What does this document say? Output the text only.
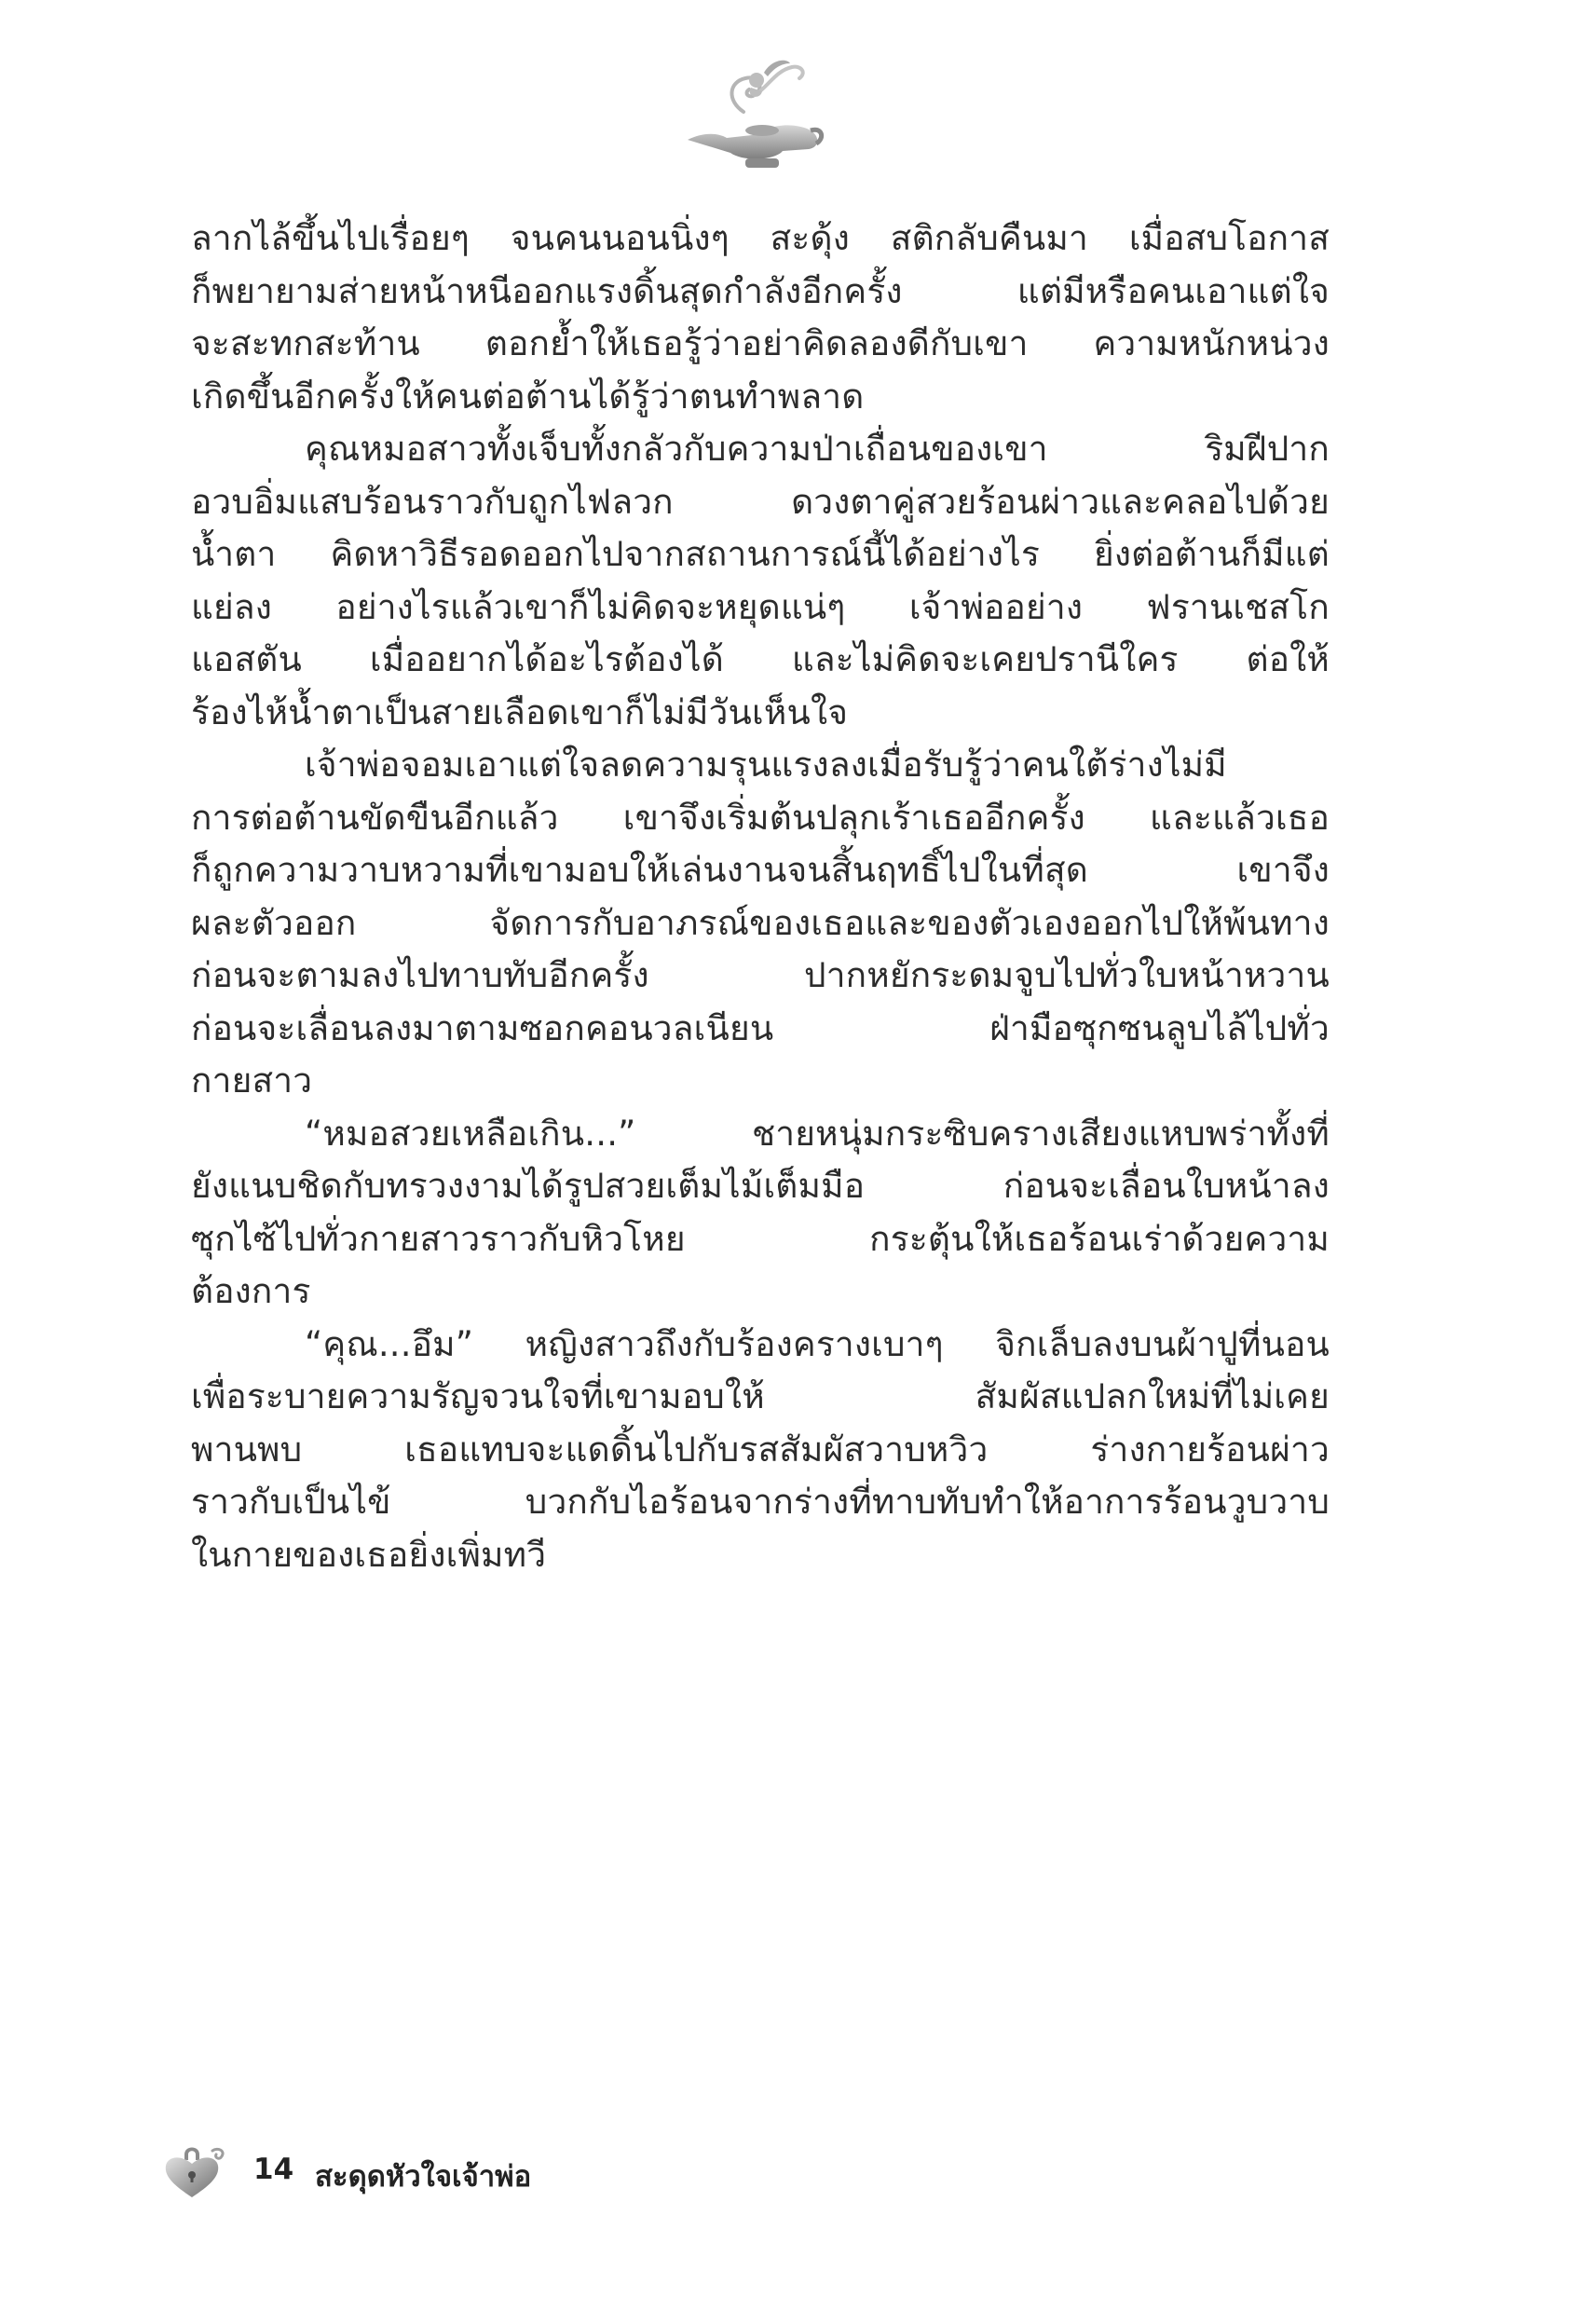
ลากไล้ขึ้นไปเรื่อยๆ จนคนนอนนิ่งๆ สะดุ้ง สติกลับคืนมา เมื่อสบโอกาส
ก็พยายามส่ายหน้าหนีออกแรงดิ้นสุดกำลังอีกครั้ง แต่มีหรือคนเอาแต่ใจ
จะสะทกสะท้าน ตอกย้ำให้เธอรู้ว่าอย่าคิดลองดีกับเขา ความหนักหน่วง
เกิดขึ้นอีกครั้งให้คนต่อต้านได้รู้ว่าตนทำพลาด
คุณหมอสาวทั้งเจ็บทั้งกลัวกับความป่าเถื่อนของเขา ริมฝีปาก
อวบอิ่มแสบร้อนราวกับถูกไฟลวก ดวงตาคู่สวยร้อนผ่าวและคลอไปด้วย
น้ำตา คิดหาวิธีรอดออกไปจากสถานการณ์นี้ได้อย่างไร ยิ่งต่อต้านก็มีแต่
แย่ลง อย่างไรแล้วเขาก็ไม่คิดจะหยุดแน่ๆ เจ้าพ่ออย่าง ฟรานเชสโก
แอสตัน เมื่ออยากได้อะไรต้องได้ และไม่คิดจะเคยปรานีใคร ต่อให้
ร้องไห้น้ำตาเป็นสายเลือดเขาก็ไม่มีวันเห็นใจ
เจ้าพ่อจอมเอาแต่ใจลดความรุนแรงลงเมื่อรับรู้ว่าคนใต้ร่างไม่มี
การต่อต้านขัดขืนอีกแล้ว เขาจึงเริ่มต้นปลุกเร้าเธออีกครั้ง และแล้วเธอ
ก็ถูกความวาบหวามที่เขามอบให้เล่นงานจนสิ้นฤทธิ์ไปในที่สุด เขาจึง
ผละตัวออก จัดการกับอาภรณ์ของเธอและของตัวเองออกไปให้พ้นทาง
ก่อนจะตามลงไปทาบทับอีกครั้ง ปากหยักระดมจูบไปทั่วใบหน้าหวาน
ก่อนจะเลื่อนลงมาตามซอกคอนวลเนียน ฝ่ามือซุกซนลูบไล้ไปทั่ว
กายสาว
“หมอสวยเหลือเกิน...” ชายหนุ่มกระซิบครางเสียงแหบพร่าทั้งที่
ยังแนบชิดกับทรวงงามได้รูปสวยเต็มไม้เต็มมือ ก่อนจะเลื่อนใบหน้าลง
ซุกไซ้ไปทั่วกายสาวราวกับหิวโหย กระตุ้นให้เธอร้อนเร่าด้วยความ
ต้องการ
“คุณ...อึม” หญิงสาวถึงกับร้องครางเบาๆ จิกเล็บลงบนผ้าปูที่นอน
เพื่อระบายความรัญจวนใจที่เขามอบให้ สัมผัสแปลกใหม่ที่ไม่เคย
พานพบ เธอแทบจะแดดิ้นไปกับรสสัมผัสวาบหวิว ร่างกายร้อนผ่าว
ราวกับเป็นไข้ บวกกับไอร้อนจากร่างที่ทาบทับทำให้อาการร้อนวูบวาบ
ในกายของเธอยิ่งเพิ่มทวี
14 สะดุดหัวใจเจ้าพ่อ
